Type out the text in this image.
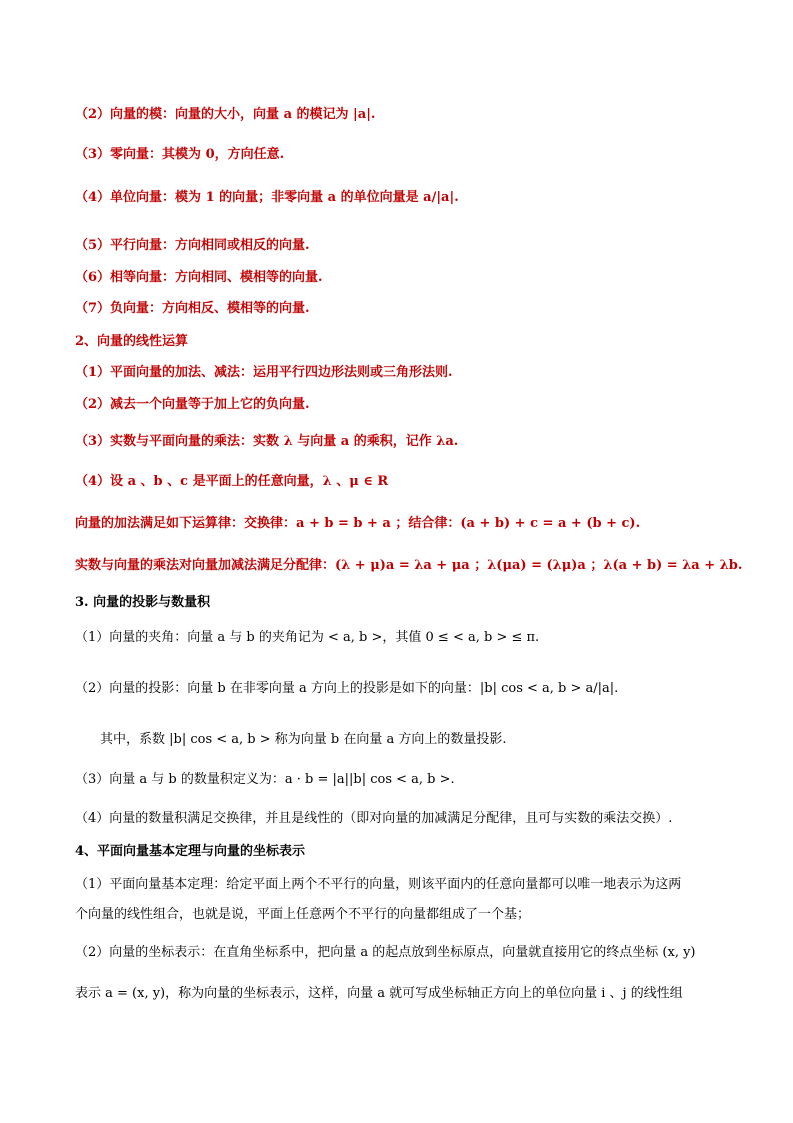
（2）向量的模：向量的大小，向量 a 的模记为 |a|.
（3）零向量：其模为 0，方向任意.
（4）单位向量：模为 1 的向量；非零向量 a 的单位向量是 a/|a|.
（5）平行向量：方向相同或相反的向量.
（6）相等向量：方向相同、模相等的向量.
（7）负向量：方向相反、模相等的向量.
2、向量的线性运算
（1）平面向量的加法、减法：运用平行四边形法则或三角形法则.
（2）减去一个向量等于加上它的负向量.
（3）实数与平面向量的乘法：实数 λ 与向量 a 的乘积，记作 λa.
（4）设 a 、b 、c 是平面上的任意向量，λ 、μ ∈ R
向量的加法满足如下运算律：交换律：a + b = b + a ；结合律：(a + b) + c = a + (b + c).
实数与向量的乘法对向量加减法满足分配律：(λ + μ)a = λa + μa ；λ(μa) = (λμ)a ；λ(a + b) = λa + λb.
3. 向量的投影与数量积
（1）向量的夹角：向量 a 与 b 的夹角记为 < a, b >，其值 0 ≤ < a, b > ≤ π.
（2）向量的投影：向量 b 在非零向量 a 方向上的投影是如下的向量：|b| cos < a, b > a/|a|.
其中，系数 |b| cos < a, b > 称为向量 b 在向量 a 方向上的数量投影.
（3）向量 a 与 b 的数量积定义为：a · b = |a||b| cos < a, b >.
（4）向量的数量积满足交换律，并且是线性的（即对向量的加减满足分配律，且可与实数的乘法交换）.
4、平面向量基本定理与向量的坐标表示
（1）平面向量基本定理：给定平面上两个不平行的向量，则该平面内的任意向量都可以唯一地表示为这两
个向量的线性组合，也就是说，平面上任意两个不平行的向量都组成了一个基；
（2）向量的坐标表示：在直角坐标系中，把向量 a 的起点放到坐标原点，向量就直接用它的终点坐标 (x, y)
表示 a = (x, y)，称为向量的坐标表示，这样，向量 a 就可写成坐标轴正方向上的单位向量 i 、j 的线性组
